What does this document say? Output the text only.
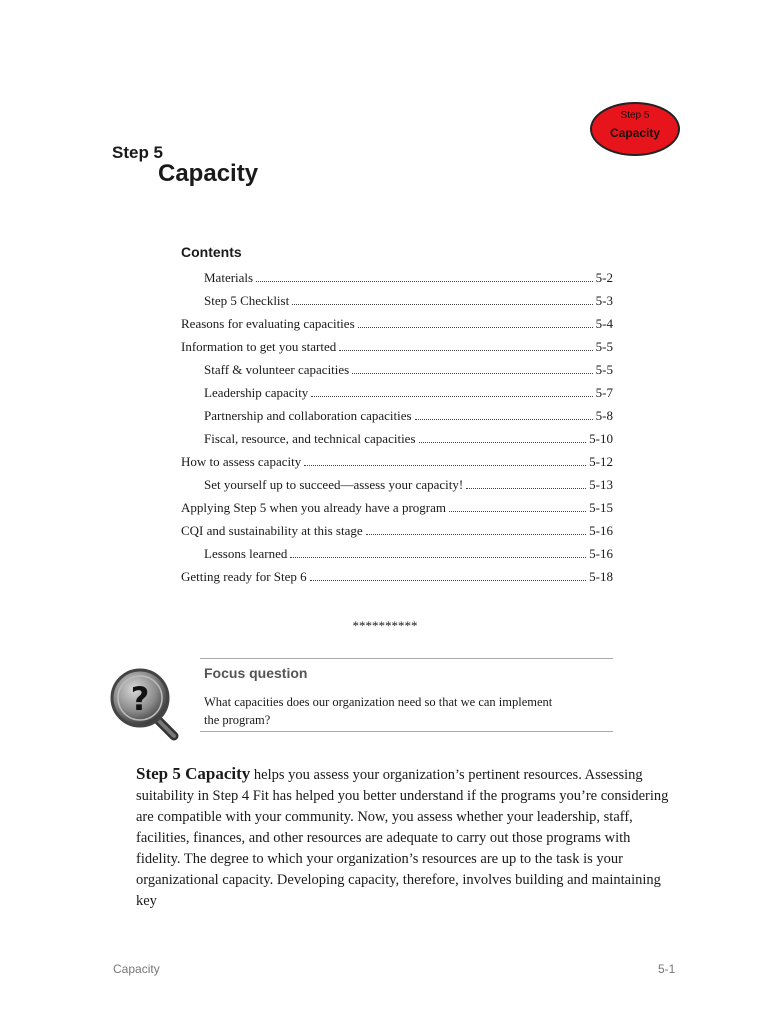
Step 5
Capacity
Step 5
Capacity
Contents
Materials	5-2
Step 5 Checklist	5-3
Reasons for evaluating capacities	5-4
Information to get you started	5-5
Staff & volunteer capacities	5-5
Leadership capacity	5-7
Partnership and collaboration capacities	5-8
Fiscal, resource, and technical capacities	5-10
How to assess capacity	5-12
Set yourself up to succeed—assess your capacity!	5-13
Applying Step 5 when you already have a program	5-15
CQI and sustainability at this stage	5-16
Lessons learned	5-16
Getting ready for Step 6	5-18
**********
?
Focus question
What capacities does our organization need so that we can implement the program?
Step 5 Capacity helps you assess your organization’s pertinent resources. Assessing suitability in Step 4 Fit has helped you better understand if the programs you’re considering are compatible with your community. Now, you assess whether your leadership, staff, facilities, finances, and other resources are adequate to carry out those programs with fidelity. The degree to which your organization’s resources are up to the task is your organizational capacity. Developing capacity, therefore, involves building and maintaining key
Capacity	5-1
